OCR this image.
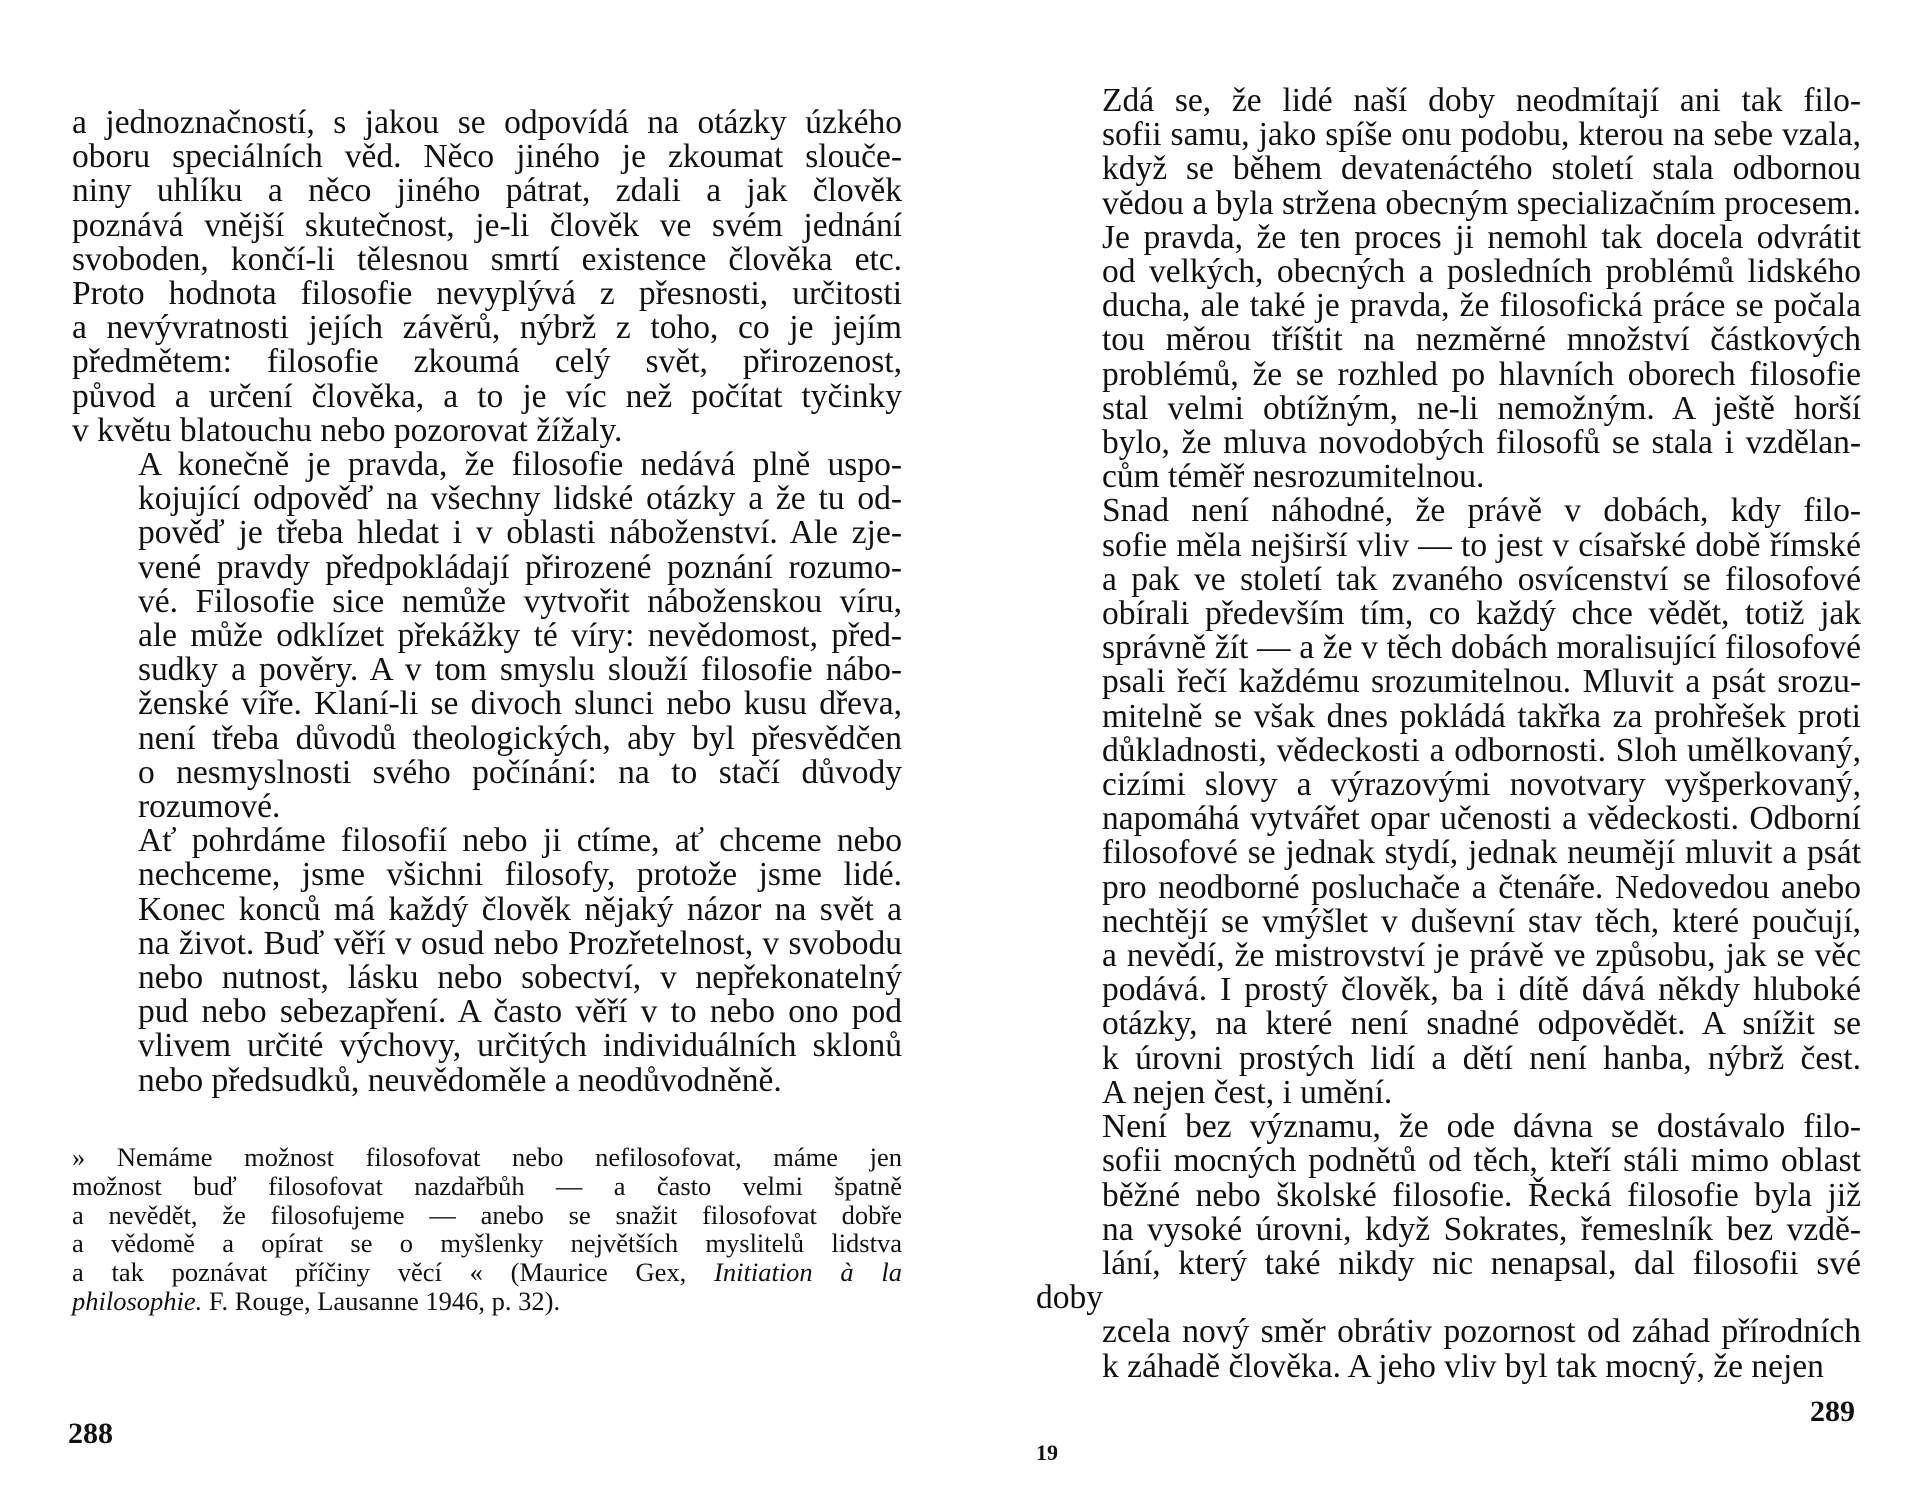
a jednoznačností, s jakou se odpovídá na otázky úzkého
oboru speciálních věd. Něco jiného je zkoumat slouče-
niny uhlíku a něco jiného pátrat, zdali a jak člověk
poznává vnější skutečnost, je-li člověk ve svém jednání
svoboden, končí-li tělesnou smrtí existence člověka etc.
Proto hodnota filosofie nevyplývá z přesnosti, určitosti
a nevývratnosti jejích závěrů, nýbrž z toho, co je jejím
předmětem: filosofie zkoumá celý svět, přirozenost,
původ a určení člověka, a to je víc než počítat tyčinky
v květu blatouchu nebo pozorovat žížaly.

A konečně je pravda, že filosofie nedává plně uspo-
kojující odpověď na všechny lidské otázky a že tu od-
pověď je třeba hledat i v oblasti náboženství. Ale zje-
vené pravdy předpokládají přirozené poznání rozumo-
vé. Filosofie sice nemůže vytvořit náboženskou víru,
ale může odklízet překážky té víry: nevědomost, před-
sudky a pověry. A v tom smyslu slouží filosofie nábo-
ženské víře. Klaní-li se divoch slunci nebo kusu dřeva,
není třeba důvodů theologických, aby byl přesvědčen
o nesmyslnosti svého počínání: na to stačí důvody
rozumové.

Ať pohrdáme filosofií nebo ji ctíme, ať chceme nebo
nechceme, jsme všichni filosofy, protože jsme lidé.
Konec konců má každý člověk nějaký názor na svět a
na život. Buď věří v osud nebo Prozřetelnost, v svobodu
nebo nutnost, lásku nebo sobectví, v nepřekonatelný
pud nebo sebezapření. A často věří v to nebo ono pod
vlivem určité výchovy, určitých individuálních sklonů
nebo předsudků, neuvědoměle a neodůvodněně.

» Nemáme možnost filosofovat nebo nefilosofovat, máme jen
možnost buď filosofovat nazdařbůh — a často velmi špatně
a nevědět, že filosofujeme — anebo se snažit filosofovat dobře
a vědomě a opírat se o myšlenky největších myslitelů lidstva
a tak poznávat příčiny věcí « (Maurice Gex, Initiation à la
philosophie. F. Rouge, Lausanne 1946, p. 32).
288

Zdá se, že lidé naší doby neodmítají ani tak filo-
sofii samu, jako spíše onu podobu, kterou na sebe vzala,
když se během devatenáctého století stala odbornou
vědou a byla stržena obecným specializačním procesem.
Je pravda, že ten proces ji nemohl tak docela odvrátit
od velkých, obecných a posledních problémů lidského
ducha, ale také je pravda, že filosofická práce se počala
tou měrou tříštit na nezměrné množství částkových
problémů, že se rozhled po hlavních oborech filosofie
stal velmi obtížným, ne-li nemožným. A ještě horší
bylo, že mluva novodobých filosofů se stala i vzdělan-
cům téměř nesrozumitelnou.

Snad není náhodné, že právě v dobách, kdy filo-
sofie měla nejširší vliv — to jest v císařské době římské
a pak ve století tak zvaného osvícenství se filosofové
obírali především tím, co každý chce vědět, totiž jak
správně žít — a že v těch dobách moralisující filosofové
psali řečí každému srozumitelnou. Mluvit a psát srozu-
mitelně se však dnes pokládá takřka za prohřešek proti
důkladnosti, vědeckosti a odbornosti. Sloh umělkovaný,
cizími slovy a výrazovými novotvary vyšperkovaný,
napomáhá vytvářet opar učenosti a vědeckosti. Odborní
filosofové se jednak stydí, jednak neumějí mluvit a psát
pro neodborné posluchače a čtenáře. Nedovedou anebo
nechtějí se vmýšlet v duševní stav těch, které poučují,
a nevědí, že mistrovství je právě ve způsobu, jak se věc
podává. I prostý člověk, ba i dítě dává někdy hluboké
otázky, na které není snadné odpovědět. A snížit se
k úrovni prostých lidí a dětí není hanba, nýbrž čest.
A nejen čest, i umění.

Není bez významu, že ode dávna se dostávalo filo-
sofii mocných podnětů od těch, kteří stáli mimo oblast
běžné nebo školské filosofie. Řecká filosofie byla již
na vysoké úrovni, když Sokrates, řemeslník bez vzdě-
lání, který také nikdy nic nenapsal, dal filosofii své doby
zcela nový směr obrátiv pozornost od záhad přírodních
k záhadě člověka. A jeho vliv byl tak mocný, že nejen

289
19
